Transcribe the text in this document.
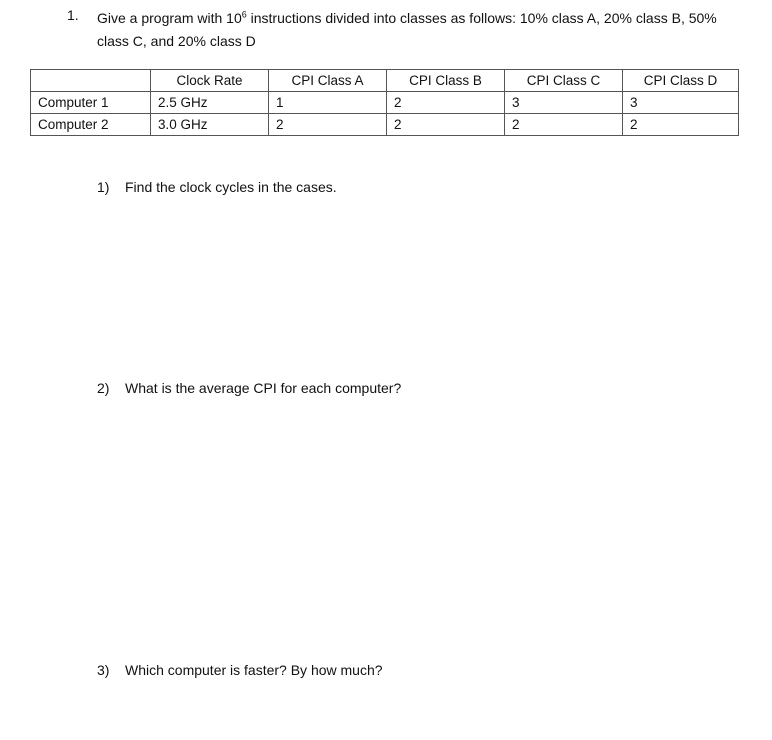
1. Give a program with $10^6$ instructions divided into classes as follows: 10% class A, 20% class B, 50% class C, and 20% class D
	Clock Rate	CPI Class A	CPI Class B	CPI Class C	CPI Class D
Computer 1	2.5 GHz	1	2	3	3
Computer 2	3.0 GHz	2	2	2	2
1) Find the clock cycles in the cases.
2) What is the average CPI for each computer?
3) Which computer is faster? By how much?
